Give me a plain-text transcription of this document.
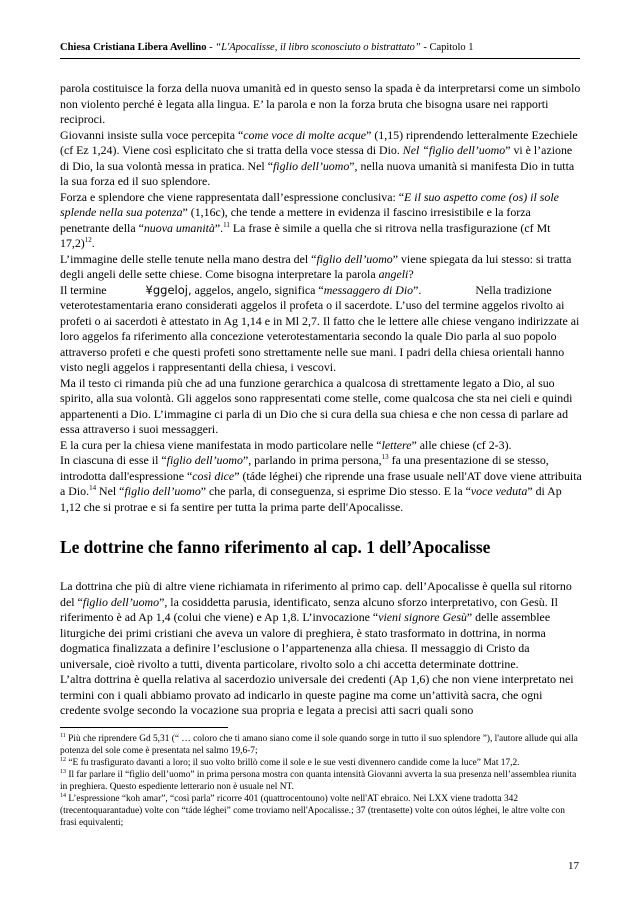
Chiesa Cristiana Libera Avellino - “L'Apocalisse, il libro sconosciuto o bistrattato” - Capitolo 1

parola costituisce la forza della nuova umanità ed in questo senso la spada è da interpretarsi come un simbolo non violento perché è legata alla lingua. E’ la parola e non la forza bruta che bisogna usare nei rapporti reciproci.

Giovanni insiste sulla voce percepita “come voce di molte acque” (1,15) riprendendo letteralmente Ezechiele (cf Ez 1,24). Viene così esplicitato che si tratta della voce stessa di Dio. Nel “figlio dell’uomo” vi è l’azione di Dio, la sua volontà messa in pratica. Nel “figlio dell’uomo”, nella nuova umanità si manifesta Dio in tutta la sua forza ed il suo splendore.

Forza e splendore che viene rappresentata dall’espressione conclusiva: “E il suo aspetto come (os) il sole splende nella sua potenza” (1,16c), che tende a mettere in evidenza il fascino irresistibile e la forza penetrante della “nuova umanità”.$^{11}$ La frase è simile a quella che si ritrova nella trasfigurazione (cf Mt 17,2)$^{12}$.

L’immagine delle stelle tenute nella mano destra del “figlio dell’uomo” viene spiegata da lui stesso: si tratta degli angeli delle sette chiese. Come bisogna interpretare la parola angeli?

Il termine	¥ggeloj, aggelos, angelo, significa “messaggero di Dio”.	Nella tradizione veterotestamentaria erano considerati aggelos il profeta o il sacerdote. L’uso del termine aggelos rivolto ai profeti o ai sacerdoti è attestato in Ag 1,14 e in Ml 2,7. Il fatto che le lettere alle chiese vengano indirizzate ai loro aggelos fa riferimento alla concezione veterotestamentaria secondo la quale Dio parla al suo popolo attraverso profeti e che questi profeti sono strettamente nelle sue mani. I padri della chiesa orientali hanno visto negli aggelos i rappresentanti della chiesa, i vescovi.

Ma il testo ci rimanda più che ad una funzione gerarchica a qualcosa di strettamente legato a Dio, al suo spirito, alla sua volontà. Gli aggelos sono rappresentati come stelle, come qualcosa che sta nei cieli e quindi appartenenti a Dio. L’immagine ci parla di un Dio che si cura della sua chiesa e che non cessa di parlare ad essa attraverso i suoi messaggeri.

E la cura per la chiesa viene manifestata in modo particolare nelle “lettere” alle chiese (cf 2-3).

In ciascuna di esse il “figlio dell’uomo”, parlando in prima persona,$^{13}$ fa una presentazione di se stesso, introdotta dall'espressione “così dice” (táde léghei) che riprende una frase usuale nell'AT dove viene attribuita a Dio.$^{14}$ Nel “figlio dell’uomo” che parla, di conseguenza, si esprime Dio stesso. E la “voce veduta” di Ap 1,12 che si protrae e si fa sentire per tutta la prima parte dell'Apocalisse.

Le dottrine che fanno riferimento al cap. 1 dell’Apocalisse

La dottrina che più di altre viene richiamata in riferimento al primo cap. dell’Apocalisse è quella sul ritorno del “figlio dell’uomo”, la cosiddetta parusia, identificato, senza alcuno sforzo interpretativo, con Gesù. Il riferimento è ad Ap 1,4 (colui che viene) e Ap 1,8. L’invocazione “vieni signore Gesù” delle assemblee liturgiche dei primi cristiani che aveva un valore di preghiera, è stato trasformato in dottrina, in norma dogmatica finalizzata a definire l’esclusione o l’appartenenza alla chiesa. Il messaggio di Cristo da universale, cioè rivolto a tutti, diventa particolare, rivolto solo a chi accetta determinate dottrine.

L’altra dottrina è quella relativa al sacerdozio universale dei credenti (Ap 1,6) che non viene interpretato nei termini con i quali abbiamo provato ad indicarlo in queste pagine ma come un’attività sacra, che ogni credente svolge secondo la vocazione sua propria e legata a precisi atti sacri quali sono

$^{11}$ Più che riprendere Gd 5,31 (“ … coloro che ti amano siano come il sole quando sorge in tutto il suo splendore ”), l'autore allude qui alla potenza del sole come è presentata nel salmo 19,6-7;

$^{12}$ “E fu trasfigurato davanti a loro; il suo volto brillò come il sole e le sue vesti divennero candide come la luce” Mat 17,2.

$^{13}$ Il far parlare il “figlio dell’uomo” in prima persona mostra con quanta intensità Giovanni avverta la sua presenza nell’assemblea riunita in preghiera. Questo espediente letterario non è usuale nel NT.

$^{14}$ L’espressione “koh amar”, “così parla” ricorre 401 (quattrocentouno) volte nell'AT ebraico. Nei LXX viene tradotta 342 (trecentoquarantadue) volte con “táde léghei” come troviamo nell'Apocalisse.; 37 (trentasette) volte con oútos léghei, le altre volte con frasi equivalenti;

17
